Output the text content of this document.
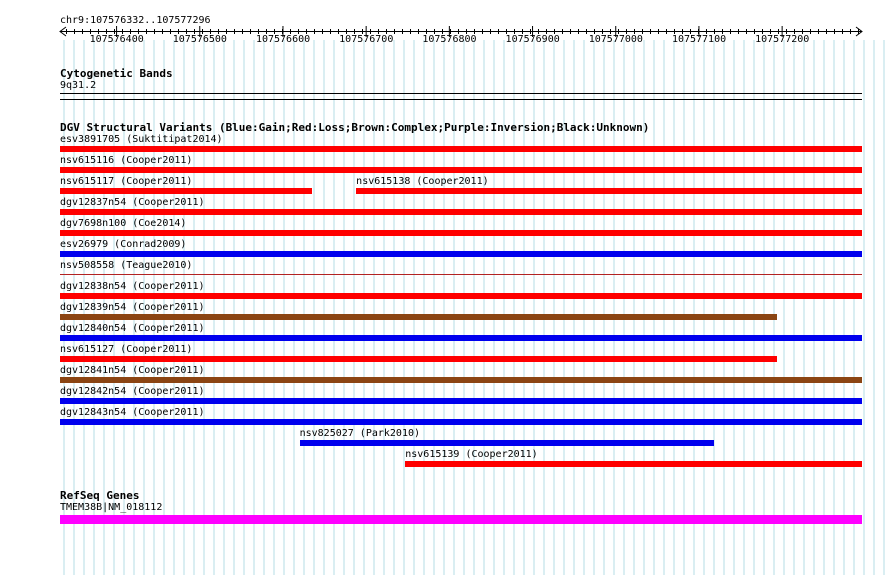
chr9:107576332..107577296
107576400	107576500	107576600	107576700	107576800	107576900	107577000	107577100	107577200
Cytogenetic Bands
9q31.2
DGV Structural Variants (Blue:Gain;Red:Loss;Brown:Complex;Purple:Inversion;Black:Unknown)
esv3891705 (Suktitipat2014)
nsv615116 (Cooper2011)
nsv615117 (Cooper2011)	nsv615138 (Cooper2011)
dgv12837n54 (Cooper2011)
dgv7698n100 (Coe2014)
esv26979 (Conrad2009)
nsv508558 (Teague2010)
dgv12838n54 (Cooper2011)
dgv12839n54 (Cooper2011)
dgv12840n54 (Cooper2011)
nsv615127 (Cooper2011)
dgv12841n54 (Cooper2011)
dgv12842n54 (Cooper2011)
dgv12843n54 (Cooper2011)
nsv825027 (Park2010)
nsv615139 (Cooper2011)
RefSeq Genes
TMEM38B|NM_018112
